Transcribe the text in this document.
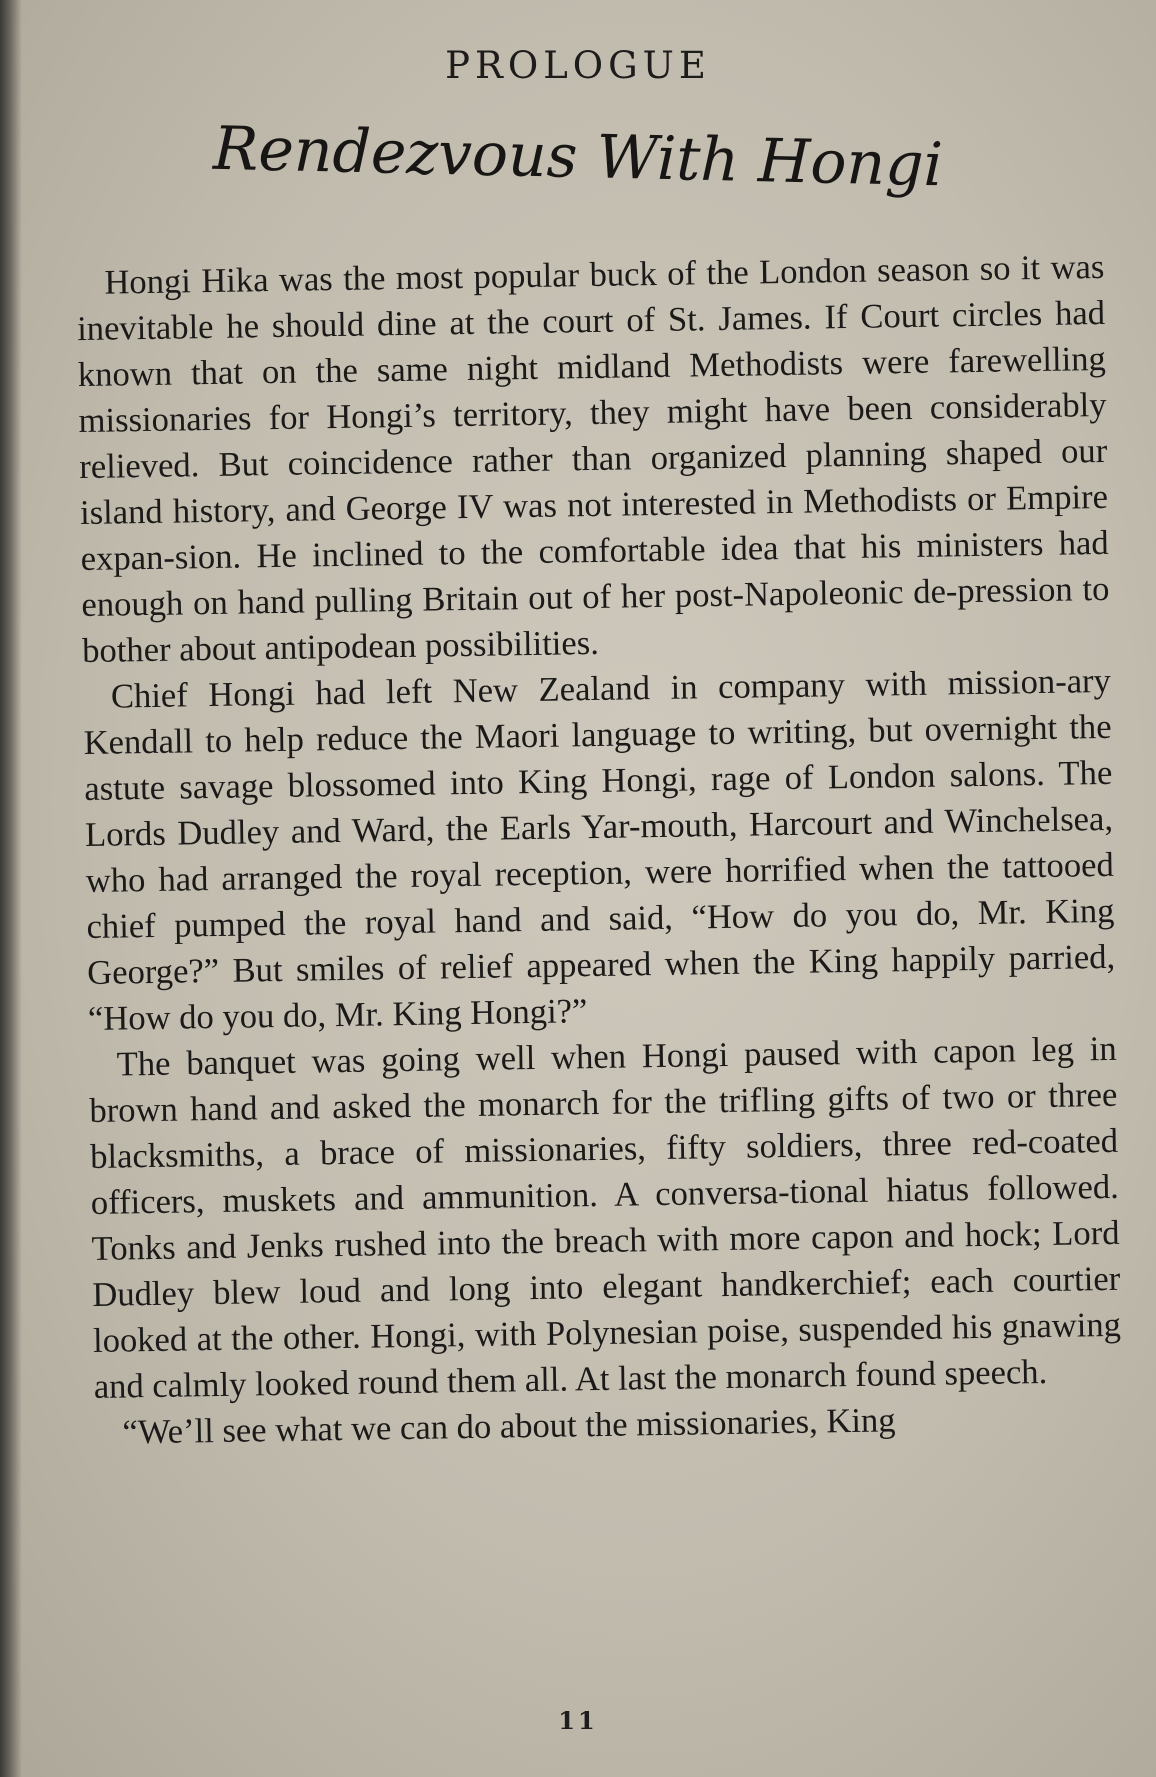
PROLOGUE
Rendezvous With Hongi

Hongi Hika was the most popular buck of the London season so it was inevitable he should dine at the court of St. James. If Court circles had known that on the same night midland Methodists were farewelling missionaries for Hongi’s territory, they might have been considerably relieved. But coincidence rather than organized planning shaped our island history, and George IV was not interested in Methodists or Empire expan-sion. He inclined to the comfortable idea that his ministers had enough on hand pulling Britain out of her post-Napoleonic de-pression to bother about antipodean possibilities.

Chief Hongi had left New Zealand in company with mission-ary Kendall to help reduce the Maori language to writing, but overnight the astute savage blossomed into King Hongi, rage of London salons. The Lords Dudley and Ward, the Earls Yar-mouth, Harcourt and Winchelsea, who had arranged the royal reception, were horrified when the tattooed chief pumped the royal hand and said, “How do you do, Mr. King George?” But smiles of relief appeared when the King happily parried, “How do you do, Mr. King Hongi?”

The banquet was going well when Hongi paused with capon leg in brown hand and asked the monarch for the trifling gifts of two or three blacksmiths, a brace of missionaries, fifty soldiers, three red-coated officers, muskets and ammunition. A conversa-tional hiatus followed. Tonks and Jenks rushed into the breach with more capon and hock; Lord Dudley blew loud and long into elegant handkerchief; each courtier looked at the other. Hongi, with Polynesian poise, suspended his gnawing and calmly looked round them all. At last the monarch found speech.

“We’ll see what we can do about the missionaries, King

11
